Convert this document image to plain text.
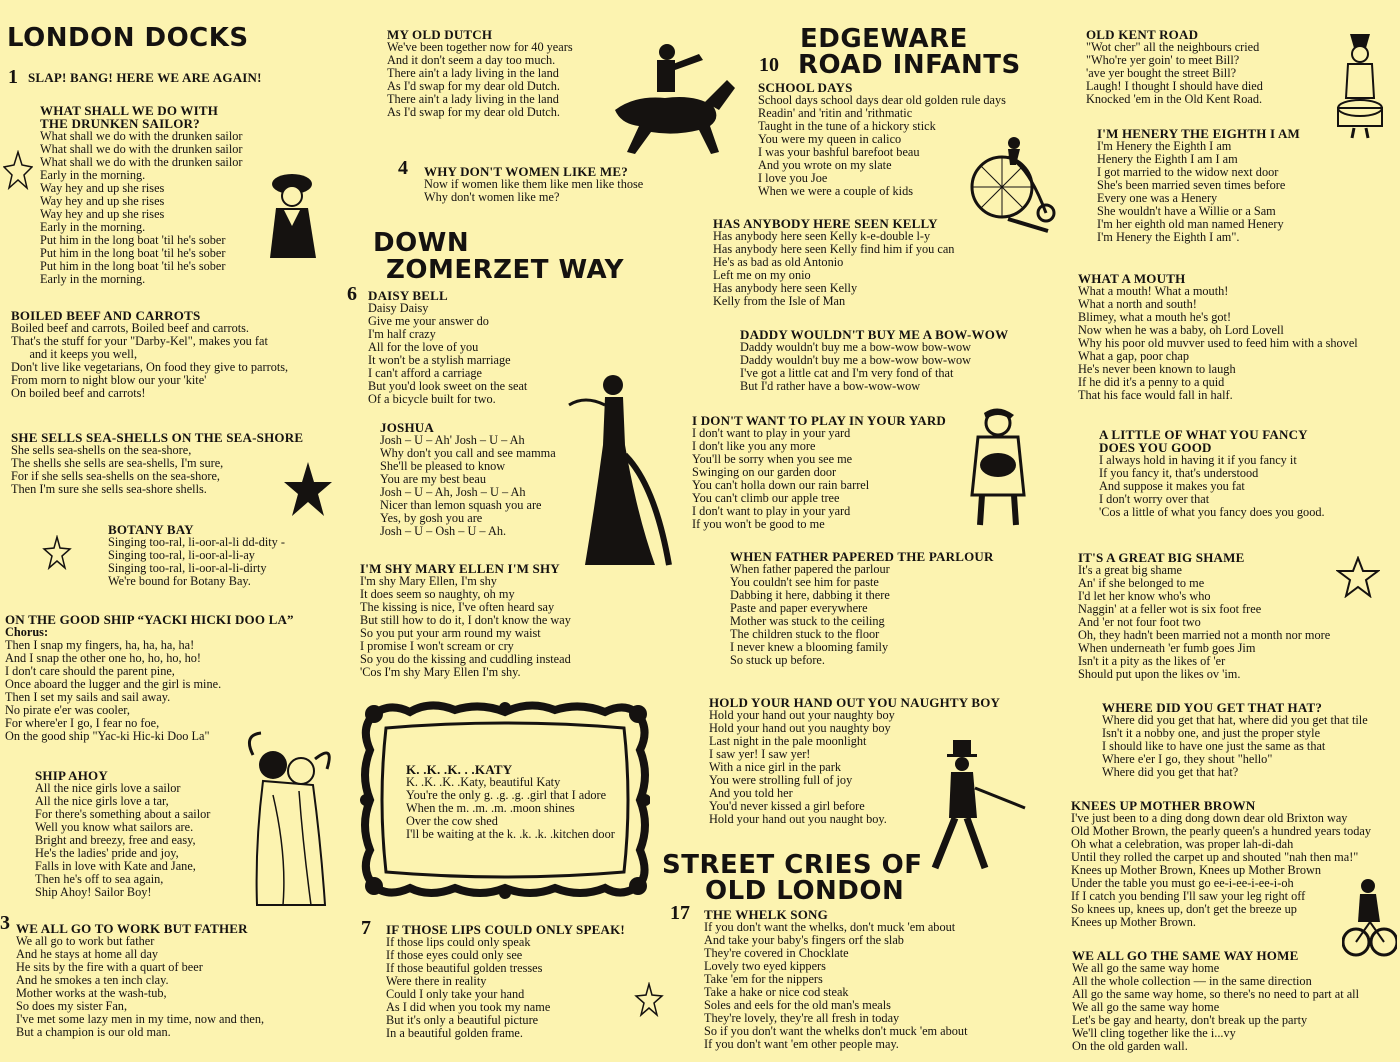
LONDON DOCKS	EDGEWARE
ROAD INFANTS
DOWN
ZOMERZET WAY
STREET CRIES OF
OLD LONDON
1
3
4
6
7
10
17
SLAP! BANG! HERE WE ARE AGAIN!
WHAT SHALL WE DO WITH
THE DRUNKEN SAILOR?
What shall we do with the drunken sailor
What shall we do with the drunken sailor
What shall we do with the drunken sailor
Early in the morning.
Way hey and up she rises
Way hey and up she rises
Way hey and up she rises
Early in the morning.
Put him in the long boat 'til he's sober
Put him in the long boat 'til he's sober
Put him in the long boat 'til he's sober
Early in the morning.
BOILED BEEF AND CARROTS
Boiled beef and carrots, Boiled beef and carrots.
That's the stuff for your "Darby-Kel", makes you fat
and it keeps you well,
Don't live like vegetarians, On food they give to parrots,
From morn to night blow our your 'kite'
On boiled beef and carrots!
SHE SELLS SEA-SHELLS ON THE SEA-SHORE
She sells sea-shells on the sea-shore,
The shells she sells are sea-shells, I'm sure,
For if she sells sea-shells on the sea-shore,
Then I'm sure she sells sea-shore shells.
BOTANY BAY
Singing too-ral, li-oor-al-li dd-dity -
Singing too-ral, li-oor-al-li-ay
Singing too-ral, li-oor-al-li-dirty
We're bound for Botany Bay.
ON THE GOOD SHIP “YACKI HICKI DOO LA”
Chorus:
Then I snap my fingers, ha, ha, ha, ha!
And I snap the other one ho, ho, ho, ho!
I don't care should the parent pine,
Once aboard the lugger and the girl is mine.
Then I set my sails and sail away.
No pirate e'er was cooler,
For where'er I go, I fear no foe,
On the good ship "Yac-ki Hic-ki Doo La"
SHIP AHOY
All the nice girls love a sailor
All the nice girls love a tar,
For there's something about a sailor
Well you know what sailors are.
Bright and breezy, free and easy,
He's the ladies' pride and joy,
Falls in love with Kate and Jane,
Then he's off to sea again,
Ship Ahoy! Sailor Boy!
WE ALL GO TO WORK BUT FATHER
We all go to work but father
And he stays at home all day
He sits by the fire with a quart of beer
And he smokes a ten inch clay.
Mother works at the wash-tub,
So does my sister Fan,
I've met some lazy men in my time, now and then,
But a champion is our old man.
MY OLD DUTCH
We've been together now for 40 years
And it don't seem a day too much.
There ain't a lady living in the land
As I'd swap for my dear old Dutch.
There ain't a lady living in the land
As I'd swap for my dear old Dutch.
WHY DON'T WOMEN LIKE ME?
Now if women like them like men like those
Why don't women like me?
DAISY BELL
Daisy Daisy
Give me your answer do
I'm half crazy
All for the love of you
It won't be a stylish marriage
I can't afford a carriage
But you'd look sweet on the seat
Of a bicycle built for two.
JOSHUA
Josh – U – Ah' Josh – U – Ah
Why don't you call and see mamma
She'll be pleased to know
You are my best beau
Josh – U – Ah, Josh – U – Ah
Nicer than lemon squash you are
Yes, by gosh you are
Josh – U – Osh – U – Ah.
I'M SHY MARY ELLEN I'M SHY
I'm shy Mary Ellen, I'm shy
It does seem so naughty, oh my
The kissing is nice, I've often heard say
But still how to do it, I don't know the way
So you put your arm round my waist
I promise I won't scream or cry
So you do the kissing and cuddling instead
'Cos I'm shy Mary Ellen I'm shy.
K. .K. .K. . .KATY
K. .K. .K. .Katy, beautiful Katy
You're the only g. .g. .g. .girl that I adore
When the m. .m. .m. .moon shines
Over the cow shed
I'll be waiting at the k. .k. .k. .kitchen door
IF THOSE LIPS COULD ONLY SPEAK!
If those lips could only speak
If those eyes could only see
If those beautiful golden tresses
Were there in reality
Could I only take your hand
As I did when you took my name
But it's only a beautiful picture
In a beautiful golden frame.
SCHOOL DAYS
School days school days dear old golden rule days
Readin' and 'ritin and 'rithmatic
Taught in the tune of a hickory stick
You were my queen in calico
I was your bashful barefoot beau
And you wrote on my slate
I love you Joe
When we were a couple of kids
HAS ANYBODY HERE SEEN KELLY
Has anybody here seen Kelly k-e-double l-y
Has anybody here seen Kelly find him if you can
He's as bad as old Antonio
Left me on my onio
Has anybody here seen Kelly
Kelly from the Isle of Man
DADDY WOULDN'T BUY ME A BOW-WOW
Daddy wouldn't buy me a bow-wow bow-wow
Daddy wouldn't buy me a bow-wow bow-wow
I've got a little cat and I'm very fond of that
But I'd rather have a bow-wow-wow
I DON'T WANT TO PLAY IN YOUR YARD
I don't want to play in your yard
I don't like you any more
You'll be sorry when you see me
Swinging on our garden door
You can't holla down our rain barrel
You can't climb our apple tree
I don't want to play in your yard
If you won't be good to me
WHEN FATHER PAPERED THE PARLOUR
When father papered the parlour
You couldn't see him for paste
Dabbing it here, dabbing it there
Paste and paper everywhere
Mother was stuck to the ceiling
The children stuck to the floor
I never knew a blooming family
So stuck up before.
HOLD YOUR HAND OUT YOU NAUGHTY BOY
Hold your hand out your naughty boy
Hold your hand out you naughty boy
Last night in the pale moonlight
I saw yer! I saw yer!
With a nice girl in the park
You were strolling full of joy
And you told her
You'd never kissed a girl before
Hold your hand out you naught boy.
THE WHELK SONG
If you don't want the whelks, don't muck 'em about
And take your baby's fingers orf the slab
They're covered in Chocklate
Lovely two eyed kippers
Take 'em for the nippers
Take a hake or nice cod steak
Soles and eels for the old man's meals
They're lovely, they're all fresh in today
So if you don't want the whelks don't muck 'em about
If you don't want 'em other people may.
OLD KENT ROAD
"Wot cher" all the neighbours cried
"Who're yer goin' to meet Bill?
'ave yer bought the street Bill?
Laugh! I thought I should have died
Knocked 'em in the Old Kent Road.
I'M HENERY THE EIGHTH I AM
I'm Henery the Eighth I am
Henery the Eighth I am I am
I got married to the widow next door
She's been married seven times before
Every one was a Henery
She wouldn't have a Willie or a Sam
I'm her eighth old man named Henery
I'm Henery the Eighth I am".
WHAT A MOUTH
What a mouth! What a mouth!
What a north and south!
Blimey, what a mouth he's got!
Now when he was a baby, oh Lord Lovell
Why his poor old muvver used to feed him with a shovel
What a gap, poor chap
He's never been known to laugh
If he did it's a penny to a quid
That his face would fall in half.
A LITTLE OF WHAT YOU FANCY
DOES YOU GOOD
I always hold in having it if you fancy it
If you fancy it, that's understood
And suppose it makes you fat
I don't worry over that
'Cos a little of what you fancy does you good.
IT'S A GREAT BIG SHAME
It's a great big shame
An' if she belonged to me
I'd let her know who's who
Naggin' at a feller wot is six foot free
And 'er not four foot two
Oh, they hadn't been married not a month nor more
When underneath 'er fumb goes Jim
Isn't it a pity as the likes of 'er
Should put upon the likes ov 'im.
WHERE DID YOU GET THAT HAT?
Where did you get that hat, where did you get that tile
Isn't it a nobby one, and just the proper style
I should like to have one just the same as that
Where e'er I go, they shout "hello"
Where did you get that hat?
KNEES UP MOTHER BROWN
I've just been to a ding dong down dear old Brixton way
Old Mother Brown, the pearly queen's a hundred years today
Oh what a celebration, was proper lah-di-dah
Until they rolled the carpet up and shouted "nah then ma!"
Knees up Mother Brown, Knees up Mother Brown
Under the table you must go ee-i-ee-i-ee-i-oh
If I catch you bending I'll saw your leg right off
So knees up, knees up, don't get the breeze up
Knees up Mother Brown.
WE ALL GO THE SAME WAY HOME
We all go the same way home
All the whole collection — in the same direction
All go the same way home, so there's no need to part at all
We all go the same way home
Let's be gay and hearty, don't break up the party
We'll cling together like the i...vy
On the old garden wall.
